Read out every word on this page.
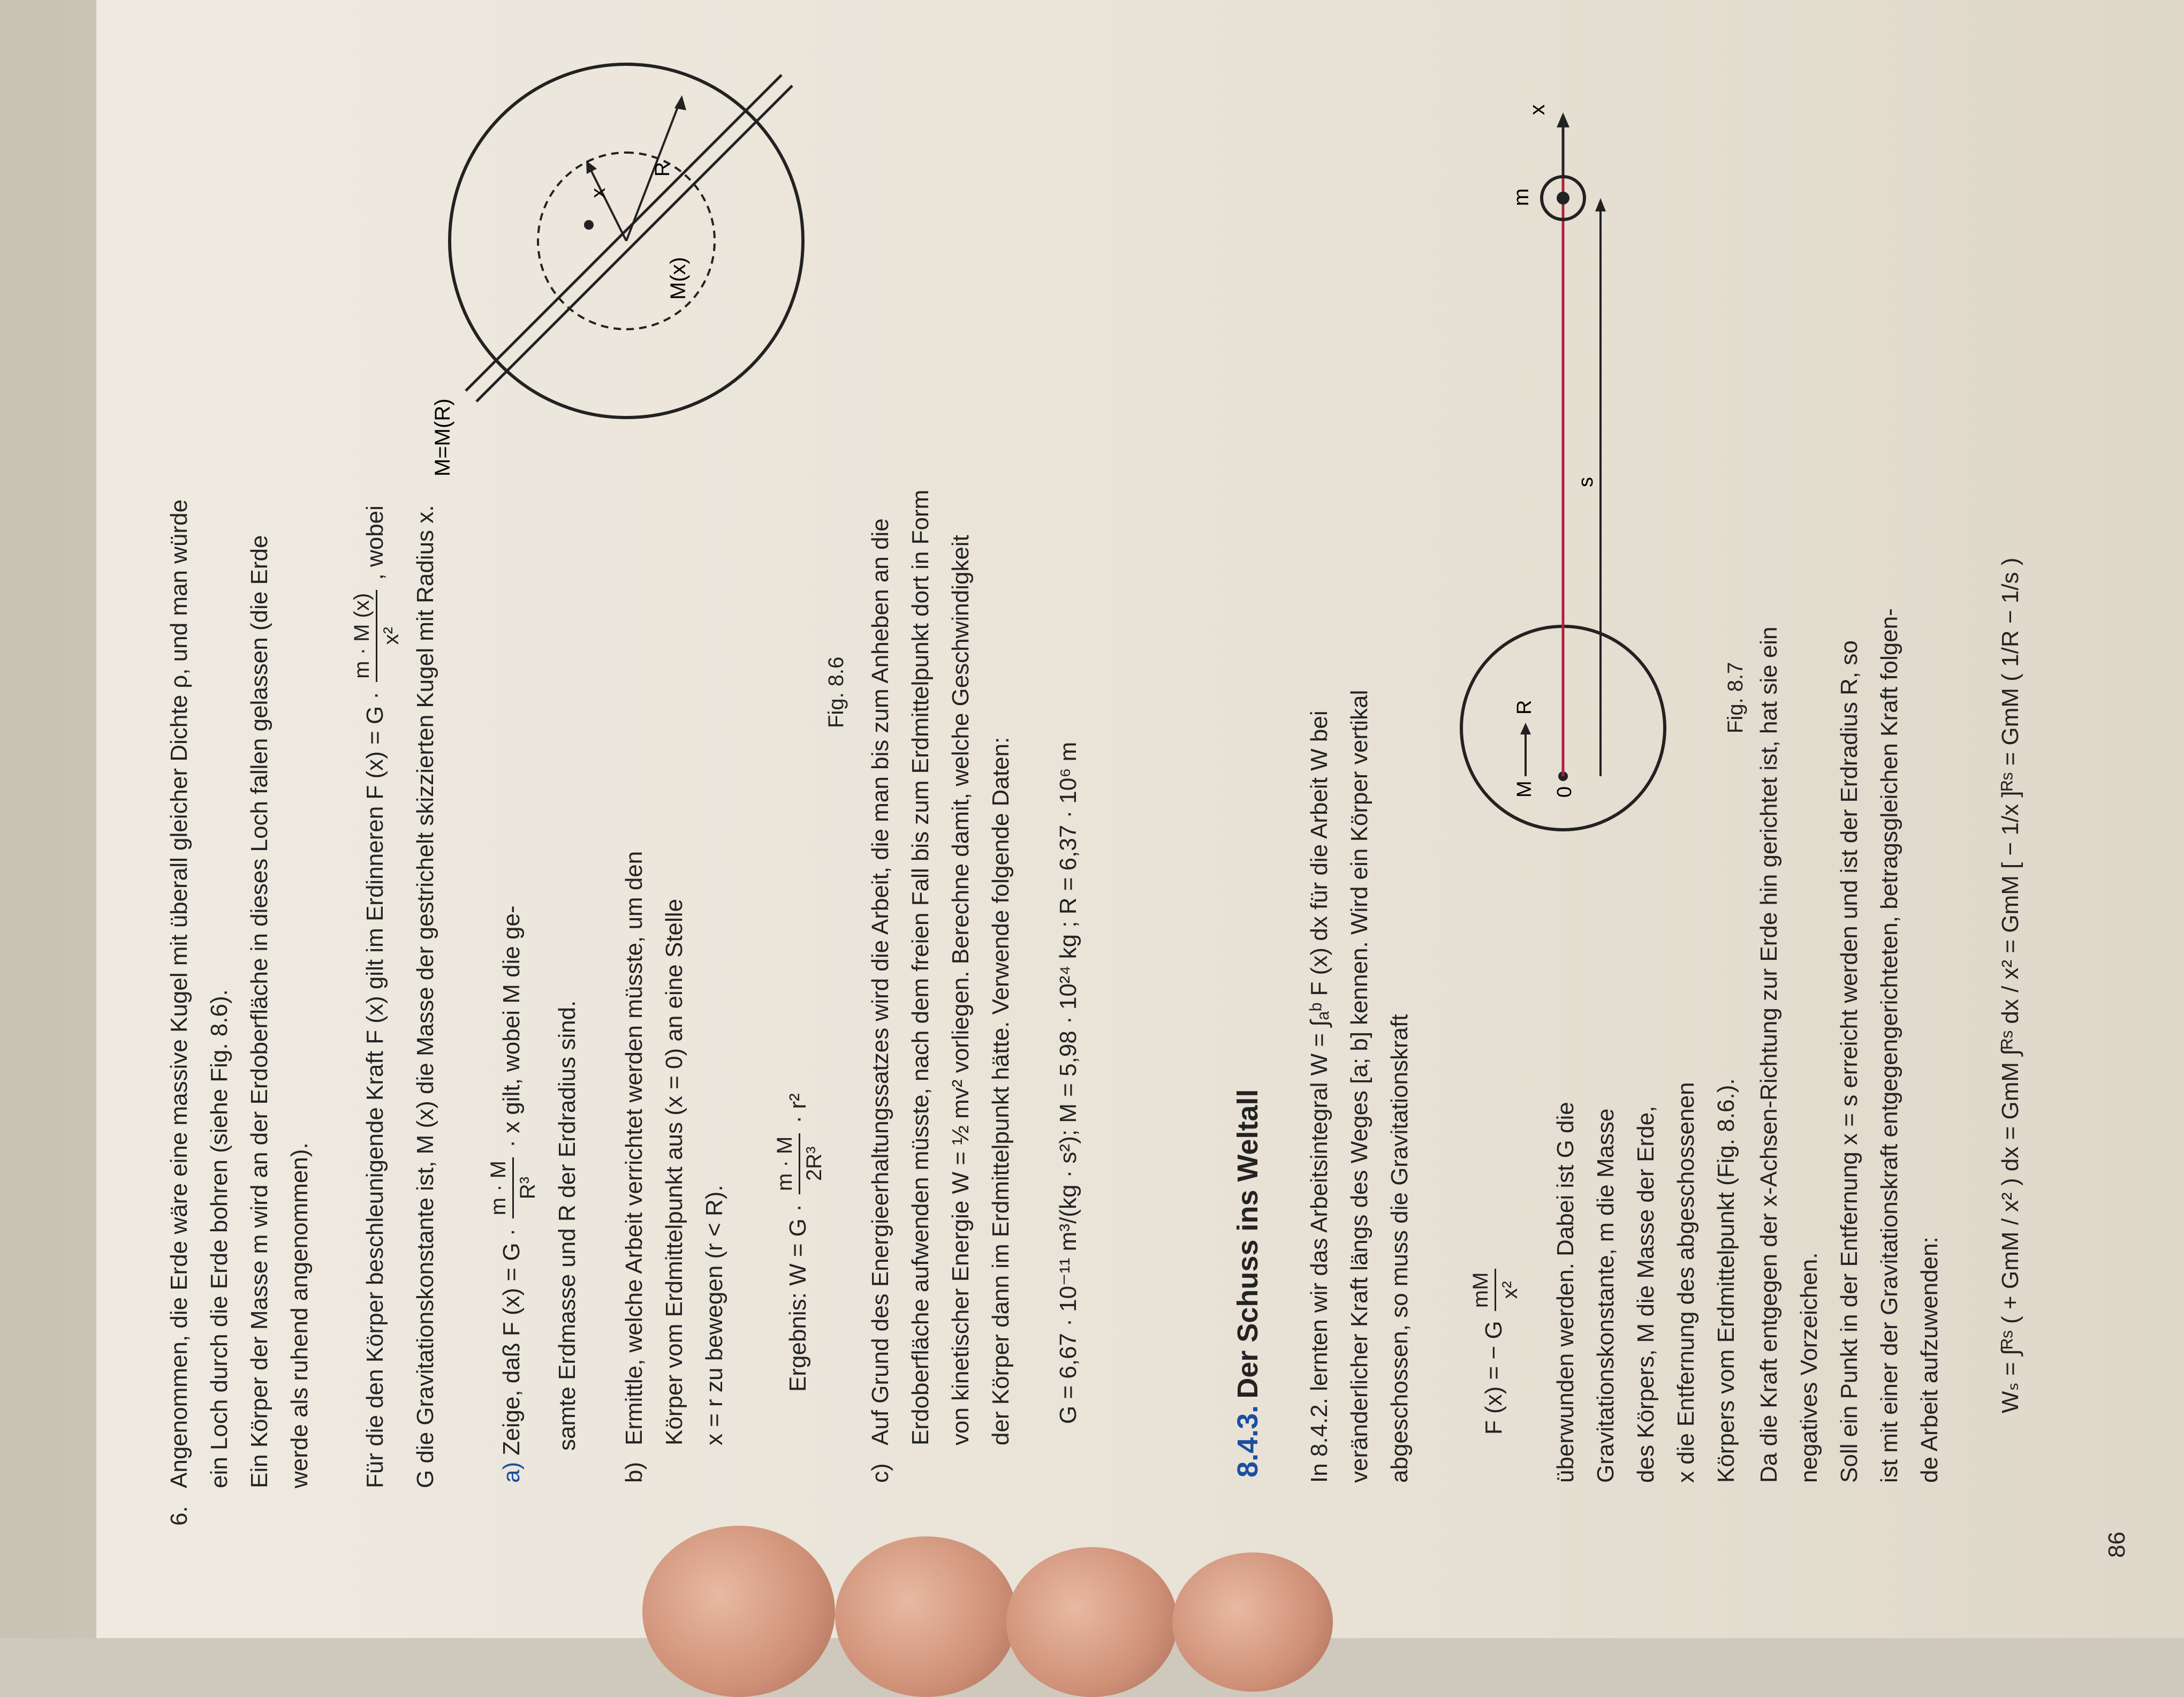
6.
Angenommen, die Erde wäre eine massive Kugel mit überall gleicher Dichte ρ, und man würde ein Loch durch die Erde bohren (siehe Fig. 8.6). Ein Körper der Masse m wird an der Erdoberfläche in dieses Loch fallen gelassen (die Erde werde als ruhend angenommen).	Für die den Körper beschleunigende Kraft F (x) gilt im Erdinneren F (x) = G ·
m · M (x) x²
, wobei	G die Gravitationskonstante ist, M (x) die Masse der gestrichelt skizzierten Kugel mit Radius x.	a) Zeige, daß F (x) = G ·
m · M R³
· x gilt, wobei M die ge-	samte Erdmasse und R der Erdradius sind.
b)
Ermittle, welche Arbeit verrichtet werden müsste, um den Körper vom Erdmittelpunkt aus (x = 0) an eine Stelle x = r zu bewegen (r < R).	Ergebnis: W = G ·
m · M 2R³
· r²
x
R
M(x)
M=M(R)
Fig. 8.6
c)
Auf Grund des Energieerhaltungssatzes wird die Arbeit, die man bis zum Anheben an die Erdoberfläche aufwenden müsste, nach dem freien Fall bis zum Erdmittelpunkt dort in Form von kinetischer Energie W = ½ mv² vorliegen. Berechne damit, welche Geschwindigkeit der Körper dann im Erdmittelpunkt hätte. Verwende folgende Daten: G = 6,67 · 10⁻¹¹ m³/(kg · s²); M = 5,98 · 10²⁴ kg ; R = 6,37 · 10⁶ m
8.4.3. Der Schuss ins Weltall In 8.4.2. lernten wir das Arbeitsintegral W = ∫ₐᵇ F (x) dx für die Arbeit W bei veränderlicher Kraft längs des Weges [a; b] kennen. Wird ein Körper vertikal abgeschossen, so muss die Gravitationskraft	F (x) = − G
mM x² überwunden werden. Dabei ist G die Gravitationskonstante, m die Masse des Körpers, M die Masse der Erde, x die Entfernung des abgeschossenen Körpers vom Erdmittelpunkt (Fig. 8.6.).
0
M
R
m
x
s
Fig. 8.7 Da die Kraft entgegen der x-Achsen-Richtung zur Erde hin gerichtet ist, hat sie ein negatives Vorzeichen. Soll ein Punkt in der Entfernung x = s erreicht werden und ist der Erdradius R, so ist mit einer der Gravitationskraft entgegengerichteten, betragsgleichen Kraft folgen- de Arbeit aufzuwenden: Wₛ = ∫ᴿˢ ( + GmM / x² ) dx = GmM ∫ᴿˢ dx / x² = GmM [ − 1/x ]ᴿˢ = GmM ( 1/R − 1/s )
86
